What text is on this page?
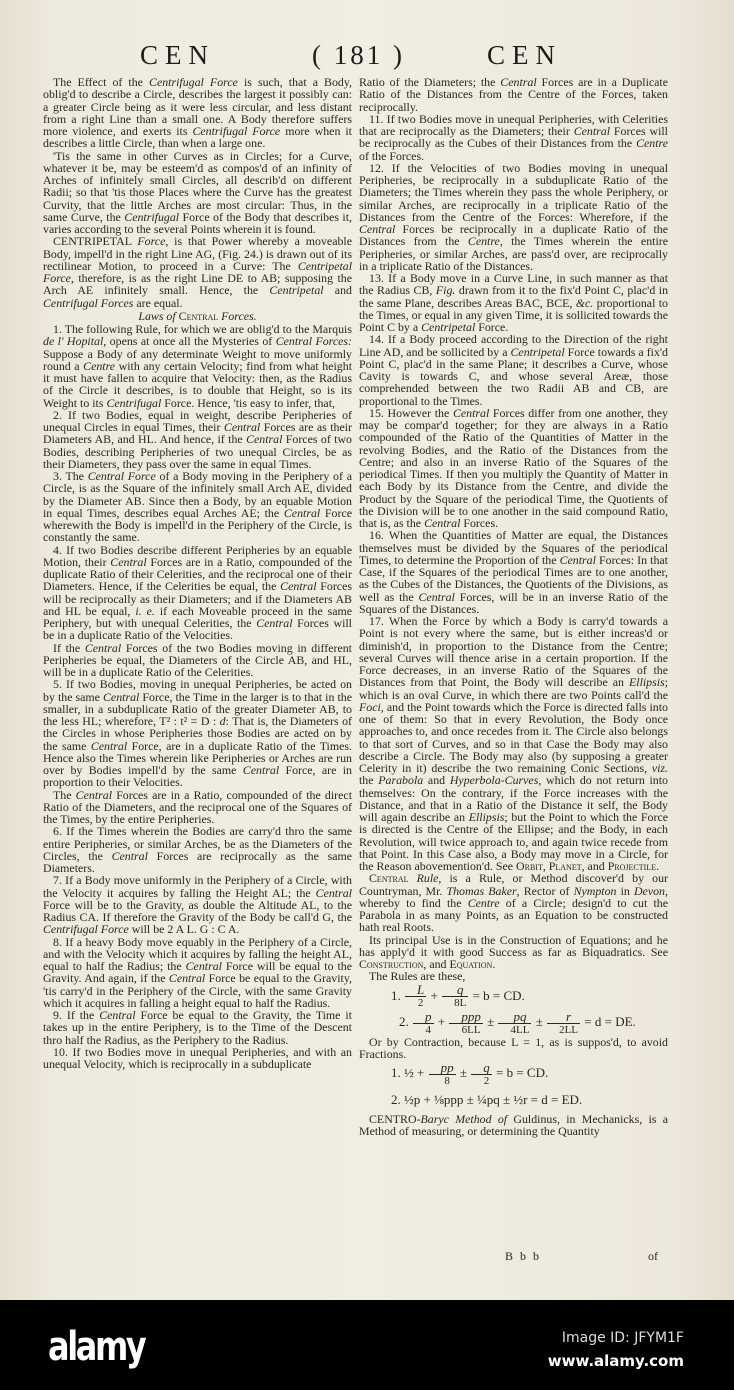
CEN	( 181 )	CEN

The Effect of the Centrifugal Force is such, that a Body, oblig'd to describe a Circle, describes the largest it possibly can: a greater Circle being as it were less circular, and less distant from a right Line than a small one. A Body therefore suffers more violence, and exerts its Centrifugal Force more when it describes a little Circle, than when a large one.

'Tis the same in other Curves as in Circles; for a Curve, whatever it be, may be esteem'd as compos'd of an infinity of Arches of infinitely small Circles, all describ'd on different Radii; so that 'tis those Places where the Curve has the greatest Curvity, that the little Arches are most circular: Thus, in the same Curve, the Centrifugal Force of the Body that describes it, varies according to the several Points wherein it is found.

CENTRIPETAL Force, is that Power whereby a moveable Body, impell'd in the right Line AG, (Fig. 24.) is drawn out of its rectilinear Motion, to proceed in a Curve: The Centripetal Force, therefore, is as the right Line DE to AB; supposing the Arch AE infinitely small. Hence, the Centripetal and Centrifugal Forces are equal.

Laws of Central Forces.

1. The following Rule, for which we are oblig'd to the Marquis de l' Hopital, opens at once all the Mysteries of Central Forces: Suppose a Body of any determinate Weight to move uniformly round a Centre with any certain Velocity; find from what height it must have fallen to acquire that Velocity: then, as the Radius of the Circle it describes, is to double that Height, so is its Weight to its Centrifugal Force. Hence, 'tis easy to infer, that,

2. If two Bodies, equal in weight, describe Peripheries of unequal Circles in equal Times, their Central Forces are as their Diameters AB, and HL. And hence, if the Central Forces of two Bodies, describing Peripheries of two unequal Circles, be as their Diameters, they pass over the same in equal Times.

3. The Central Force of a Body moving in the Periphery of a Circle, is as the Square of the infinitely small Arch AE, divided by the Diameter AB. Since then a Body, by an equable Motion in equal Times, describes equal Arches AE; the Central Force wherewith the Body is impell'd in the Periphery of the Circle, is constantly the same.

4. If two Bodies describe different Peripheries by an equable Motion, their Central Forces are in a Ratio, compounded of the duplicate Ratio of their Celerities, and the reciprocal one of their Diameters. Hence, if the Celerities be equal, the Central Forces will be reciprocally as their Diameters; and if the Diameters AB and HL be equal, i. e. if each Moveable proceed in the same Periphery, but with unequal Celerities, the Central Forces will be in a duplicate Ratio of the Velocities.

If the Central Forces of the two Bodies moving in different Peripheries be equal, the Diameters of the Circle AB, and HL, will be in a duplicate Ratio of the Celerities.

5. If two Bodies, moving in unequal Peripheries, be acted on by the same Central Force, the Time in the larger is to that in the smaller, in a subduplicate Ratio of the greater Diameter AB, to the less HL; wherefore, T² : t² = D : d: That is, the Diameters of the Circles in whose Peripheries those Bodies are acted on by the same Central Force, are in a duplicate Ratio of the Times. Hence also the Times wherein like Peripheries or Arches are run over by Bodies impell'd by the same Central Force, are in proportion to their Velocities.

The Central Forces are in a Ratio, compounded of the direct Ratio of the Diameters, and the reciprocal one of the Squares of the Times, by the entire Peripheries.

6. If the Times wherein the Bodies are carry'd thro the same entire Peripheries, or similar Arches, be as the Diameters of the Circles, the Central Forces are reciprocally as the same Diameters.

7. If a Body move uniformly in the Periphery of a Circle, with the Velocity it acquires by falling the Height AL; the Central Force will be to the Gravity, as double the Altitude AL, to the Radius CA. If therefore the Gravity of the Body be call'd G, the Centrifugal Force will be 2 A L. G : C A.

8. If a heavy Body move equably in the Periphery of a Circle, and with the Velocity which it acquires by falling the height AL, equal to half the Radius; the Central Force will be equal to the Gravity. And again, if the Central Force be equal to the Gravity, 'tis carry'd in the Periphery of the Circle, with the same Gravity which it acquires in falling a height equal to half the Radius.

9. If the Central Force be equal to the Gravity, the Time it takes up in the entire Periphery, is to the Time of the Descent thro half the Radius, as the Periphery to the Radius.

10. If two Bodies move in unequal Peripheries, and with an unequal Velocity, which is reciprocally in a subduplicate

Ratio of the Diameters; the Central Forces are in a Duplicate Ratio of the Distances from the Centre of the Forces, taken reciprocally.

11. If two Bodies move in unequal Peripheries, with Celerities that are reciprocally as the Diameters; their Central Forces will be reciprocally as the Cubes of their Distances from the Centre of the Forces.

12. If the Velocities of two Bodies moving in unequal Peripheries, be reciprocally in a subduplicate Ratio of the Diameters; the Times wherein they pass the whole Periphery, or similar Arches, are reciprocally in a triplicate Ratio of the Distances from the Centre of the Forces: Wherefore, if the Central Forces be reciprocally in a duplicate Ratio of the Distances from the Centre, the Times wherein the entire Peripheries, or similar Arches, are pass'd over, are reciprocally in a triplicate Ratio of the Distances.

13. If a Body move in a Curve Line, in such manner as that the Radius CB, Fig. drawn from it to the fix'd Point C, plac'd in the same Plane, describes Areas BAC, BCE, &c. proportional to the Times, or equal in any given Time, it is sollicited towards the Point C by a Centripetal Force.

14. If a Body proceed according to the Direction of the right Line AD, and be sollicited by a Centripetal Force towards a fix'd Point C, plac'd in the same Plane; it describes a Curve, whose Cavity is towards C, and whose several Areæ, those comprehended between the two Radii AB and CB, are proportional to the Times.

15. However the Central Forces differ from one another, they may be compar'd together; for they are always in a Ratio compounded of the Ratio of the Quantities of Matter in the revolving Bodies, and the Ratio of the Distances from the Centre; and also in an inverse Ratio of the Squares of the periodical Times. If then you multiply the Quantity of Matter in each Body by its Distance from the Centre, and divide the Product by the Square of the periodical Time, the Quotients of the Division will be to one another in the said compound Ratio, that is, as the Central Forces.

16. When the Quantities of Matter are equal, the Distances themselves must be divided by the Squares of the periodical Times, to determine the Proportion of the Central Forces: In that Case, if the Squares of the periodical Times are to one another, as the Cubes of the Distances, the Quotients of the Divisions, as well as the Central Forces, will be in an inverse Ratio of the Squares of the Distances.

17. When the Force by which a Body is carry'd towards a Point is not every where the same, but is either increas'd or diminish'd, in proportion to the Distance from the Centre; several Curves will thence arise in a certain proportion. If the Force decreases, in an inverse Ratio of the Squares of the Distances from that Point, the Body will describe an Ellipsis; which is an oval Curve, in which there are two Points call'd the Foci, and the Point towards which the Force is directed falls into one of them: So that in every Revolution, the Body once approaches to, and once recedes from it. The Circle also belongs to that sort of Curves, and so in that Case the Body may also describe a Circle. The Body may also (by supposing a greater Celerity in it) describe the two remaining Conic Sections, viz. the Parabola and Hyperbola-Curves, which do not return into themselves: On the contrary, if the Force increases with the Distance, and that in a Ratio of the Distance it self, the Body will again describe an Ellipsis; but the Point to which the Force is directed is the Centre of the Ellipse; and the Body, in each Revolution, will twice approach to, and again twice recede from that Point. In this Case also, a Body may move in a Circle, for the Reason abovemention'd. See Orbit, Planet, and Projectile.

Central Rule, is a Rule, or Method discover'd by our Countryman, Mr. Thomas Baker, Rector of Nympton in Devon, whereby to find the Centre of a Circle; design'd to cut the Parabola in as many Points, as an Equation to be constructed hath real Roots.

Its principal Use is in the Construction of Equations; and he has apply'd it with good Success as far as Biquadratics. See Construction, and Equation.

The Rules are these,

1. $\frac{L}{2} + \frac{q}{8L} = b$ = CD.

2. $\frac{p}{4} + \frac{\text{ppp}}{6LL} \pm \frac{pq}{4LL} \pm \frac{r}{2LL} = d$ = DE.

Or by Contraction, because L = 1, as is suppos'd, to avoid Fractions.

1. ½ + $\frac{pp}{8} \pm \frac{q}{2} = b$ = CD.

2. ½p + ⅛ppp ± ¼pq ± ½r = d = ED.

CENTRO-Baryc Method of Guldinus, in Mechanicks, is a Method of measuring, or determining the Quantity

B b b	of
alamy	Image ID: JFYM1F
www.alamy.com
